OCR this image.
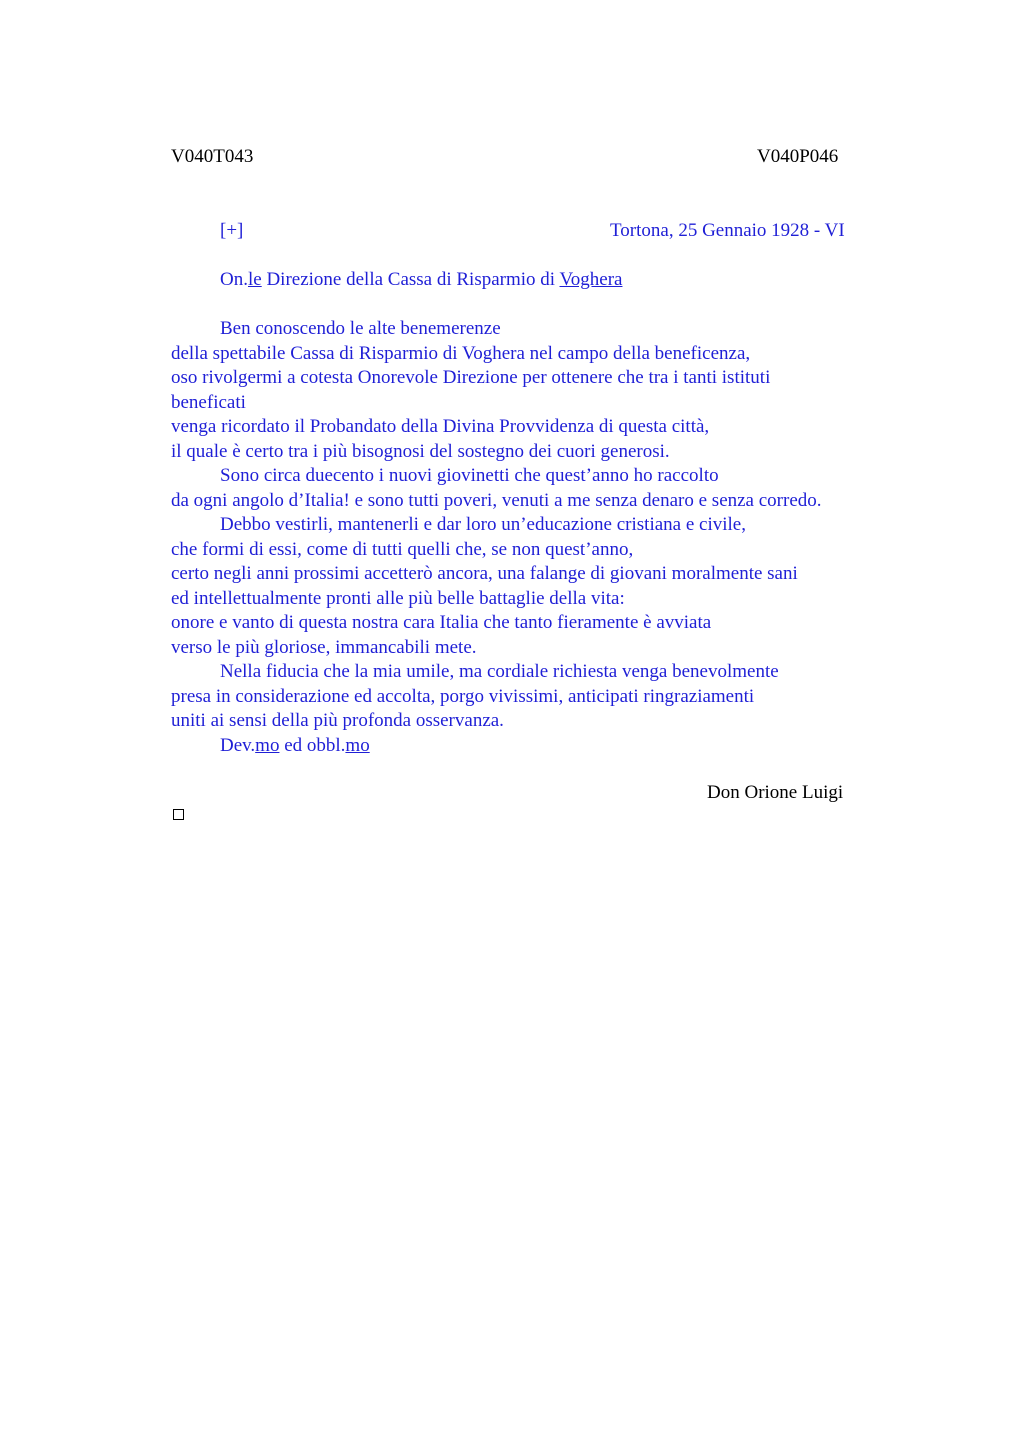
V040T043	V040P046
[+]	Tortona, 25 Gennaio 1928 - VI
On.le Direzione della Cassa di Risparmio di Voghera
Ben conoscendo le alte benemerenze
della spettabile Cassa di Risparmio di Voghera nel campo della beneficenza,
oso rivolgermi a cotesta Onorevole Direzione per ottenere che tra i tanti istituti
beneficati
venga ricordato il Probandato della Divina Provvidenza di questa città,
il quale è certo tra i più bisognosi del sostegno dei cuori generosi.
Sono circa duecento i nuovi giovinetti che quest’anno ho raccolto
da ogni angolo d’Italia! e sono tutti poveri, venuti a me senza denaro e senza corredo.
Debbo vestirli, mantenerli e dar loro un’educazione cristiana e civile,
che formi di essi, come di tutti quelli che, se non quest’anno,
certo negli anni prossimi accetterò ancora, una falange di giovani moralmente sani
ed intellettualmente pronti alle più belle battaglie della vita:
onore e vanto di questa nostra cara Italia che tanto fieramente è avviata
verso le più gloriose, immancabili mete.
Nella fiducia che la mia umile, ma cordiale richiesta venga benevolmente
presa in considerazione ed accolta, porgo vivissimi, anticipati ringraziamenti
uniti ai sensi della più profonda osservanza.
Dev.mo ed obbl.mo
Don Orione Luigi
